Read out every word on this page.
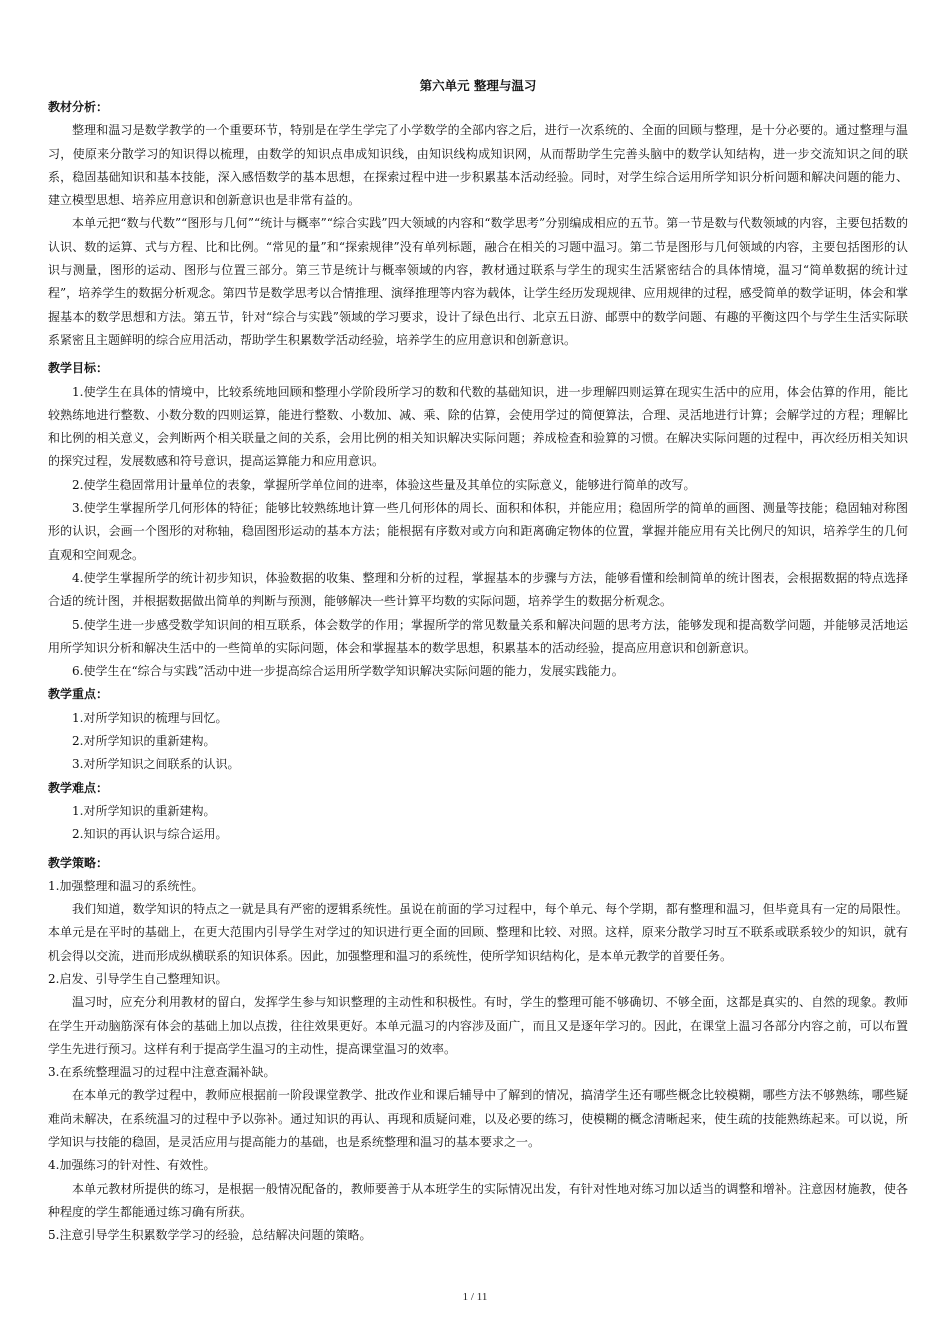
第六单元 整理与温习
教材分析：

整理和温习是数学教学的一个重要环节，特别是在学生学完了小学数学的全部内容之后，进行一次系统的、全面的回顾与整理，是十分必要的。通过整理与温习，使原来分散学习的知识得以梳理，由数学的知识点串成知识线，由知识线构成知识网，从而帮助学生完善头脑中的数学认知结构，进一步交流知识之间的联系，稳固基础知识和基本技能，深入感悟数学的基本思想，在探索过程中进一步积累基本活动经验。同时，对学生综合运用所学知识分析问题和解决问题的能力、建立模型思想、培养应用意识和创新意识也是非常有益的。

本单元把“数与代数”“图形与几何”“统计与概率”“综合实践”四大领域的内容和“数学思考”分别编成相应的五节。第一节是数与代数领域的内容，主要包括数的认识、数的运算、式与方程、比和比例。“常见的量”和“探索规律”没有单列标题，融合在相关的习题中温习。第二节是图形与几何领域的内容，主要包括图形的认识与测量，图形的运动、图形与位置三部分。第三节是统计与概率领域的内容，教材通过联系与学生的现实生活紧密结合的具体情境，温习“简单数据的统计过程”，培养学生的数据分析观念。第四节是数学思考以合情推理、演绎推理等内容为载体，让学生经历发现规律、应用规律的过程，感受简单的数学证明，体会和掌握基本的数学思想和方法。第五节，针对“综合与实践”领域的学习要求，设计了绿色出行、北京五日游、邮票中的数学问题、有趣的平衡这四个与学生生活实际联系紧密且主题鲜明的综合应用活动，帮助学生积累数学活动经验，培养学生的应用意识和创新意识。

教学目标：

1.使学生在具体的情境中，比较系统地回顾和整理小学阶段所学习的数和代数的基础知识，进一步理解四则运算在现实生活中的应用，体会估算的作用，能比较熟练地进行整数、小数分数的四则运算，能进行整数、小数加、减、乘、除的估算，会使用学过的简便算法，合理、灵活地进行计算；会解学过的方程；理解比和比例的相关意义，会判断两个相关联量之间的关系，会用比例的相关知识解决实际问题；养成检查和验算的习惯。在解决实际问题的过程中，再次经历相关知识的探究过程，发展数感和符号意识，提高运算能力和应用意识。

2.使学生稳固常用计量单位的表象，掌握所学单位间的进率，体验这些量及其单位的实际意义，能够进行简单的改写。

3.使学生掌握所学几何形体的特征；能够比较熟练地计算一些几何形体的周长、面积和体积，并能应用；稳固所学的简单的画图、测量等技能；稳固轴对称图形的认识，会画一个图形的对称轴，稳固图形运动的基本方法；能根据有序数对或方向和距离确定物体的位置，掌握并能应用有关比例尺的知识，培养学生的几何直观和空间观念。

4.使学生掌握所学的统计初步知识，体验数据的收集、整理和分析的过程，掌握基本的步骤与方法，能够看懂和绘制简单的统计图表，会根据数据的特点选择合适的统计图，并根据数据做出简单的判断与预测，能够解决一些计算平均数的实际问题，培养学生的数据分析观念。

5.使学生进一步感受数学知识间的相互联系，体会数学的作用；掌握所学的常见数量关系和解决问题的思考方法，能够发现和提高数学问题，并能够灵活地运用所学知识分析和解决生活中的一些简单的实际问题，体会和掌握基本的数学思想，积累基本的活动经验，提高应用意识和创新意识。

6.使学生在“综合与实践”活动中进一步提高综合运用所学数学知识解决实际问题的能力，发展实践能力。

教学重点：

1.对所学知识的梳理与回忆。

2.对所学知识的重新建构。

3.对所学知识之间联系的认识。

教学难点：

1.对所学知识的重新建构。

2.知识的再认识与综合运用。

教学策略：

1.加强整理和温习的系统性。

我们知道，数学知识的特点之一就是具有严密的逻辑系统性。虽说在前面的学习过程中，每个单元、每个学期，都有整理和温习，但毕竟具有一定的局限性。本单元是在平时的基础上，在更大范围内引导学生对学过的知识进行更全面的回顾、整理和比较、对照。这样，原来分散学习时互不联系或联系较少的知识，就有机会得以交流，进而形成纵横联系的知识体系。因此，加强整理和温习的系统性，使所学知识结构化，是本单元教学的首要任务。

2.启发、引导学生自己整理知识。

温习时，应充分利用教材的留白，发挥学生参与知识整理的主动性和积极性。有时，学生的整理可能不够确切、不够全面，这都是真实的、自然的现象。教师在学生开动脑筋深有体会的基础上加以点拨，往往效果更好。本单元温习的内容涉及面广，而且又是逐年学习的。因此，在课堂上温习各部分内容之前，可以布置学生先进行预习。这样有利于提高学生温习的主动性，提高课堂温习的效率。

3.在系统整理温习的过程中注意查漏补缺。

在本单元的教学过程中，教师应根据前一阶段课堂教学、批改作业和课后辅导中了解到的情况，搞清学生还有哪些概念比较模糊，哪些方法不够熟练，哪些疑难尚未解决，在系统温习的过程中予以弥补。通过知识的再认、再现和质疑问难，以及必要的练习，使模糊的概念清晰起来，使生疏的技能熟练起来。可以说，所学知识与技能的稳固，是灵活应用与提高能力的基础，也是系统整理和温习的基本要求之一。

4.加强练习的针对性、有效性。

本单元教材所提供的练习，是根据一般情况配备的，教师要善于从本班学生的实际情况出发，有针对性地对练习加以适当的调整和增补。注意因材施教，使各种程度的学生都能通过练习确有所获。

5.注意引导学生积累数学学习的经验，总结解决问题的策略。

1 / 11
